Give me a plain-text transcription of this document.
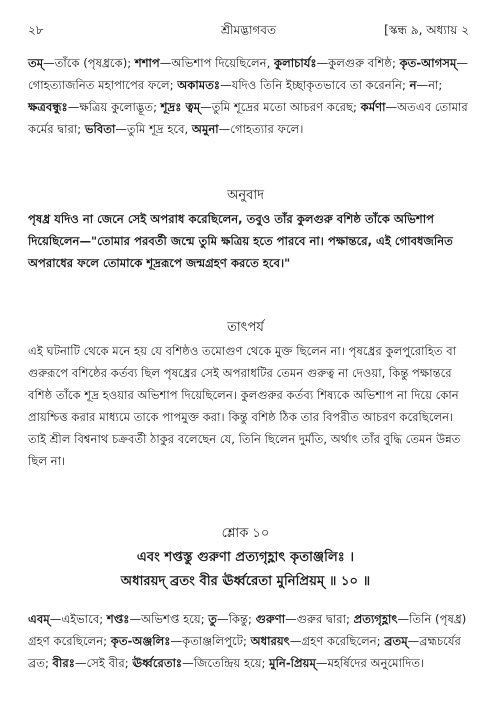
২৮	শ্রীমদ্ভাগবত	[স্কন্ধ ৯, অধ্যায় ২

তম্—তাঁকে (পৃষধ্রকে); শশাপ—অভিশাপ দিয়েছিলেন, কুলাচার্যঃ—কুলগুরু বশিষ্ঠ; কৃত-আগসম্—গোহত্যাজনিত মহাপাপের ফলে; অকামতঃ—যদিও তিনি ইচ্ছাকৃতভাবে তা করেননি; ন—না; ক্ষত্রবন্ধুঃ—ক্ষত্রিয় কুলোদ্ভূত; শূদ্রঃ ত্বম্—তুমি শূদ্রের মতো আচরণ করেছ; কর্মণা—অতএব তোমার কর্মের দ্বারা; ভবিতা—তুমি শূদ্র হবে, অমুনা—গোহত্যার ফলে।

অনুবাদ

পৃষধ্র যদিও না জেনে সেই অপরাধ করেছিলেন, তবুও তাঁর কুলগুরু বশিষ্ঠ তাঁকে অভিশাপ দিয়েছিলেন—"তোমার পরবর্তী জন্মে তুমি ক্ষত্রিয় হতে পারবে না। পক্ষান্তরে, এই গোবধজনিত অপরাধের ফলে তোমাকে শূদ্ররূপে জন্মগ্রহণ করতে হবে।"

তাৎপর্য

এই ঘটনাটি থেকে মনে হয় যে বশিষ্ঠও তমোগুণ থেকে মুক্ত ছিলেন না। পৃষধ্রের কুলপুরোহিত বা গুরুরূপে বশিষ্ঠের কর্তব্য ছিল পৃষধ্রের সেই অপরাধটির তেমন গুরুত্ব না দেওয়া, কিন্তু পক্ষান্তরে বশিষ্ঠ তাঁকে শূদ্র হওয়ার অভিশাপ দিয়েছিলেন। কুলগুরুর কর্তব্য শিষ্যকে অভিশাপ না দিয়ে কোন প্রায়শ্চিত্ত করার মাধ্যমে তাকে পাপমুক্ত করা। কিন্তু বশিষ্ঠ ঠিক তার বিপরীত আচরণ করেছিলেন। তাই শ্রীল বিশ্বনাথ চক্রবর্তী ঠাকুর বলেছেন যে, তিনি ছিলেন দুর্মতি, অর্থাৎ তাঁর বুদ্ধি তেমন উন্নত ছিল না।

শ্লোক ১০
এবং শপ্তস্তু গুরুণা প্রত্যগৃহ্ণাৎ কৃতাঞ্জলিঃ ।
অধারয়দ্ ব্রতং বীর ঊর্ধ্বরেতা মুনিপ্রিয়ম্ ॥ ১০ ॥

এবম্—এইভাবে; শপ্তঃ—অভিশপ্ত হয়ে; তু—কিন্তু; গুরুণা—গুরুর দ্বারা; প্রত্যগৃহ্ণাৎ—তিনি (পৃষধ্র) গ্রহণ করেছিলেন; কৃত-অঞ্জলিঃ—কৃতাঞ্জলিপুটে; অধারয়ৎ—গ্রহণ করেছিলেন; ব্রতম্—ব্রহ্মচর্যের ব্রত; বীরঃ—সেই বীর; ঊর্ধ্বরেতাঃ—জিতেন্দ্রিয় হয়ে; মুনি-প্রিয়ম্—মহর্ষিদের অনুমোদিত।
